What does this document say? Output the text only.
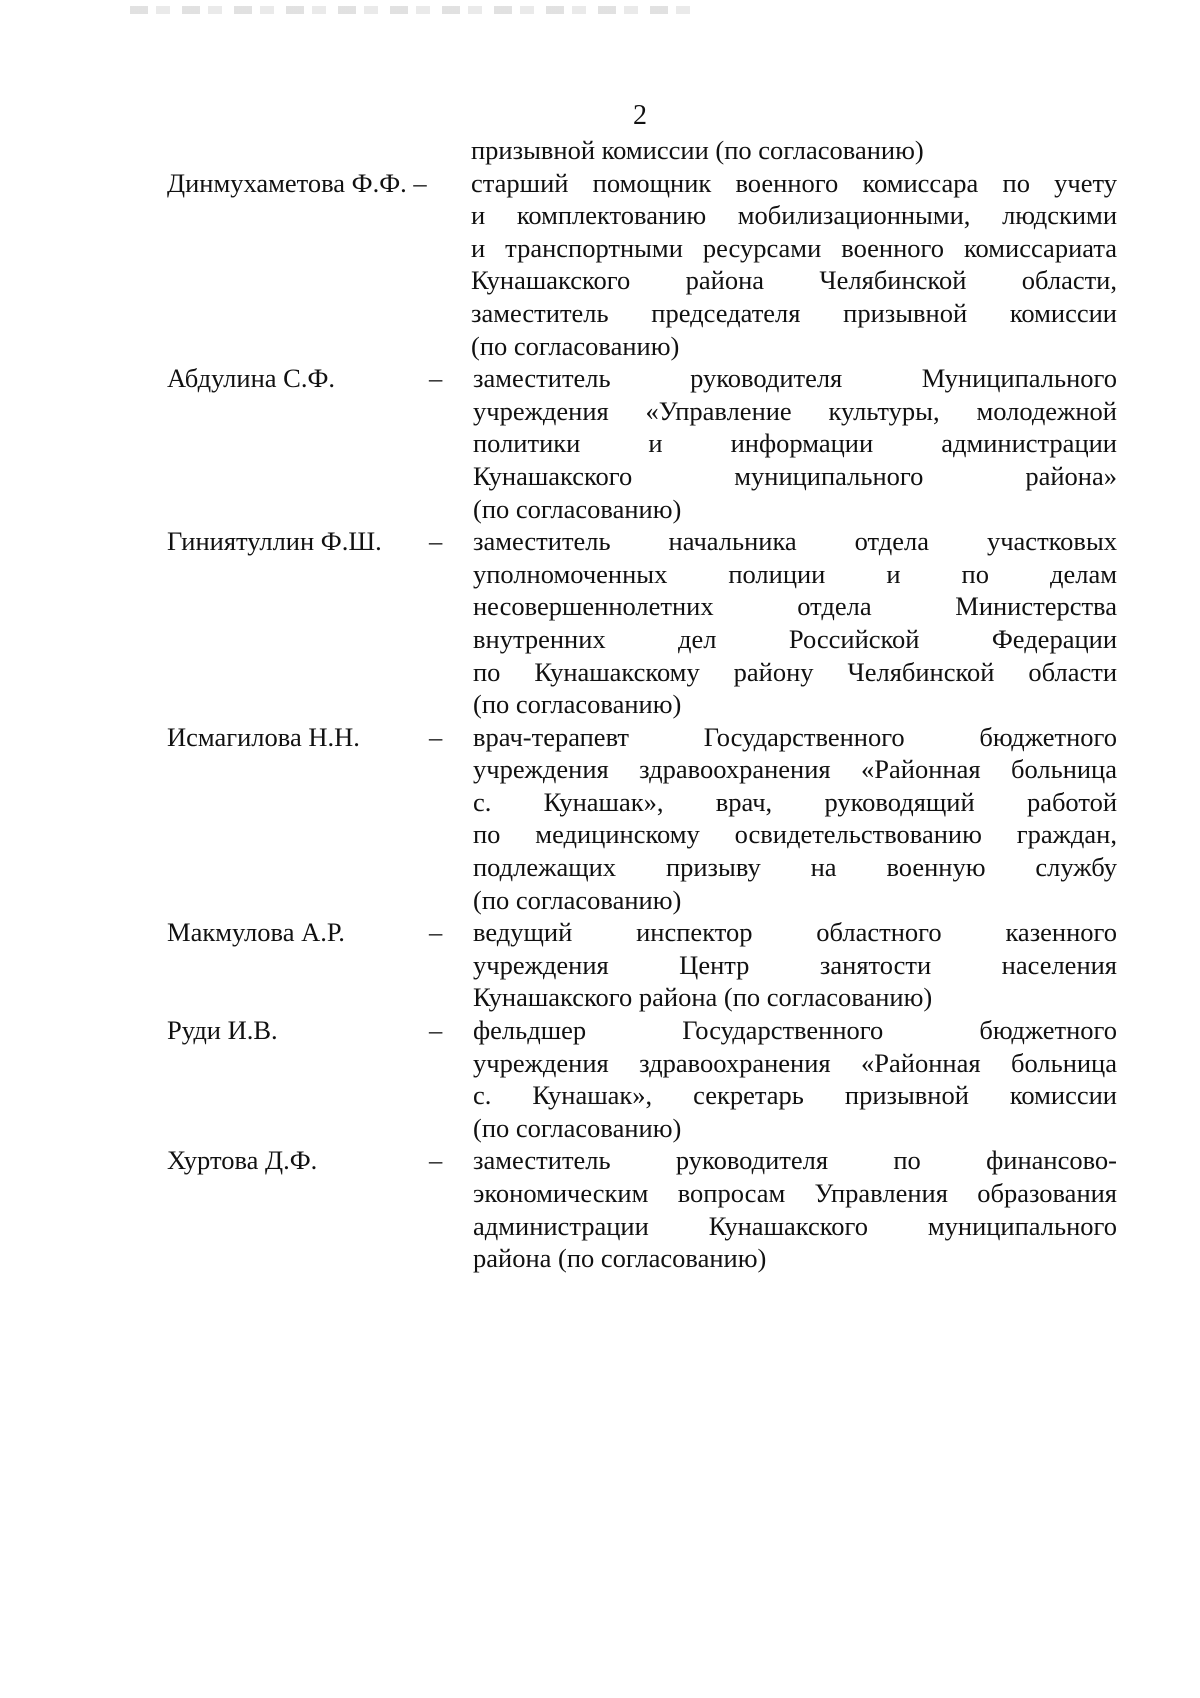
2
призывной комиссии (по согласованию)
Динмухаметова Ф.Ф. –	старший помощник военного комиссара по учету
и комплектованию мобилизационными, людскими
и транспортными ресурсами военного комиссариата
Кунашакского района Челябинской области,
заместитель председателя призывной комиссии
(по согласованию)
Абдулина С.Ф.	–	заместитель руководителя Муниципального
учреждения «Управление культуры, молодежной
политики и информации администрации
Кунашакского муниципального района»
(по согласованию)
Гиниятуллин Ф.Ш.	–	заместитель начальника отдела участковых
уполномоченных полиции и по делам
несовершеннолетних отдела Министерства
внутренних дел Российской Федерации
по Кунашакскому району Челябинской области
(по согласованию)
Исмагилова Н.Н.	–	врач-терапевт Государственного бюджетного
учреждения здравоохранения «Районная больница
с. Кунашак», врач, руководящий работой
по медицинскому освидетельствованию граждан,
подлежащих призыву на военную службу
(по согласованию)
Макмулова А.Р.	–	ведущий инспектор областного казенного
учреждения Центр занятости населения
Кунашакского района (по согласованию)
Руди И.В.	–	фельдшер Государственного бюджетного
учреждения здравоохранения «Районная больница
с. Кунашак», секретарь призывной комиссии
(по согласованию)
Хуртова Д.Ф.	–	заместитель руководителя по финансово-
экономическим вопросам Управления образования
администрации Кунашакского муниципального
района (по согласованию)
